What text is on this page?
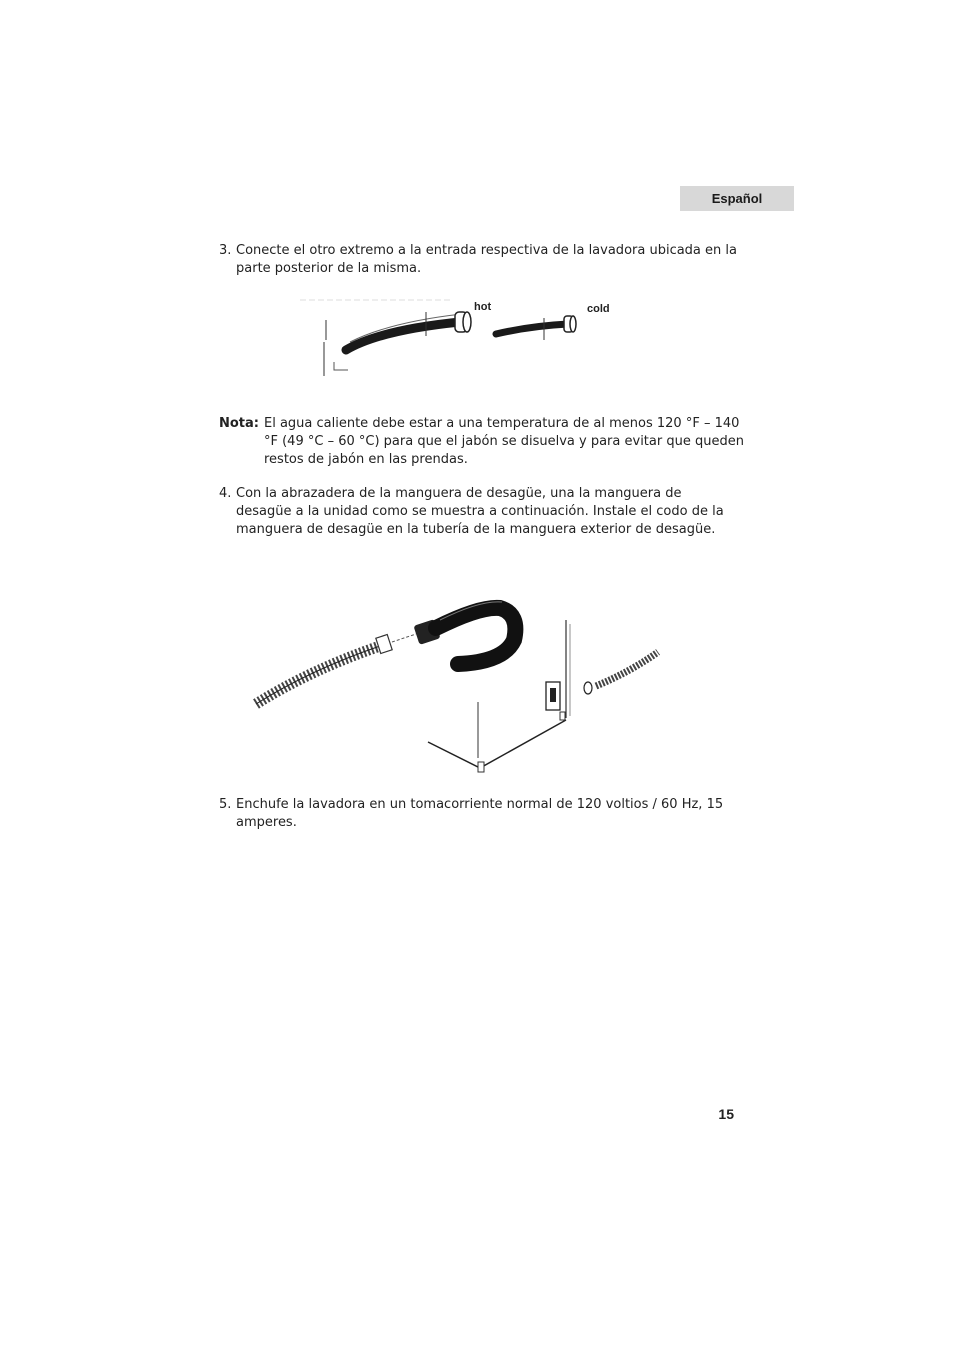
Español
3. Conecte el otro extremo a la entrada respectiva de la lavadora ubicada en la parte posterior de la misma.
hot	cold
Nota: El agua caliente debe estar a una temperatura de al menos 120 °F – 140 °F (49 °C – 60 °C) para que el jabón se disuelva y para evitar que queden restos de jabón en las prendas.
4. Con la abrazadera de la manguera de desagüe, una la manguera de desagüe a la unidad como se muestra a continuación. Instale el codo de la manguera de desagüe en la tubería de la manguera exterior de desagüe.
5. Enchufe la lavadora en un tomacorriente normal de 120 voltios / 60 Hz, 15 amperes.
15
